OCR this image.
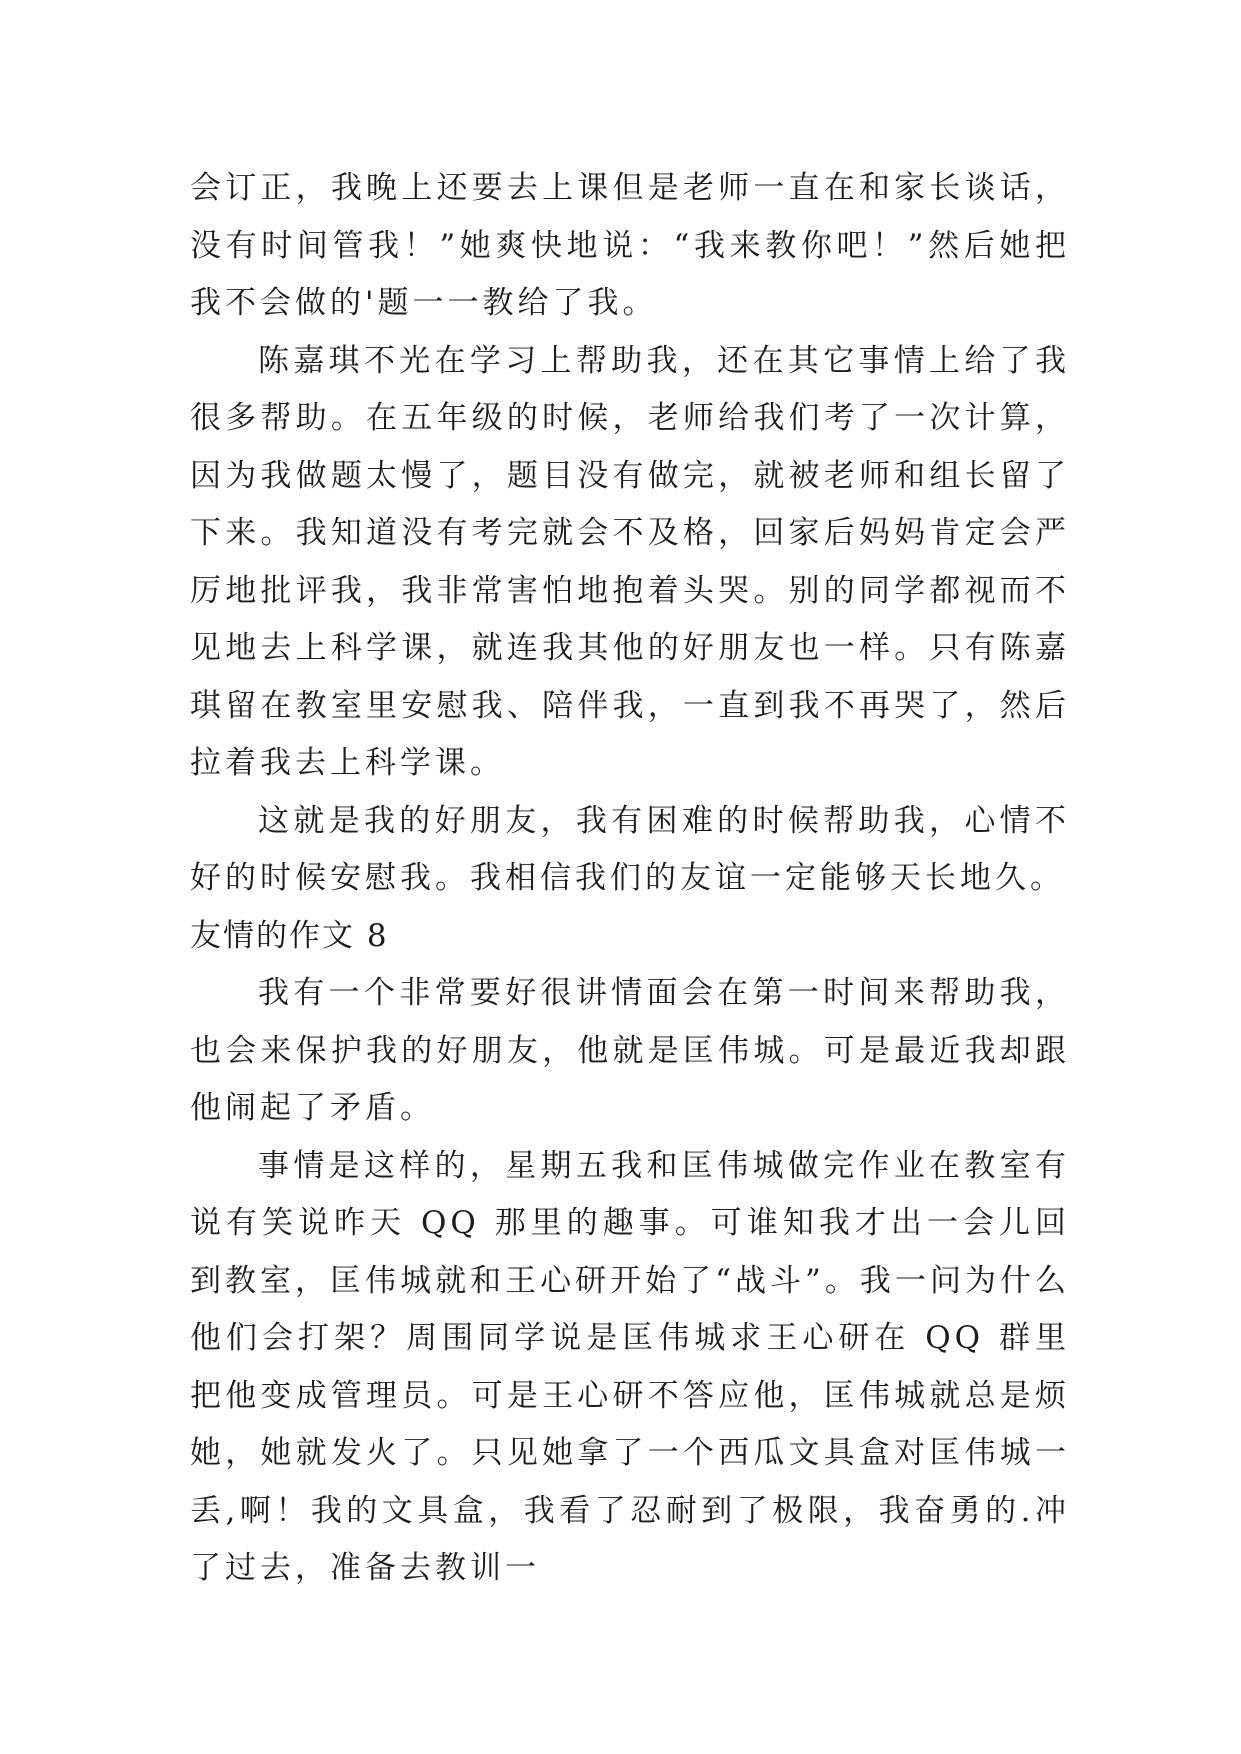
会订正，我晚上还要去上课但是老师一直在和家长谈话，没有时间管我！”她爽快地说：“我来教你吧！”然后她把我不会做的'题一一教给了我。

陈嘉琪不光在学习上帮助我，还在其它事情上给了我很多帮助。在五年级的时候，老师给我们考了一次计算，因为我做题太慢了，题目没有做完，就被老师和组长留了下来。我知道没有考完就会不及格，回家后妈妈肯定会严厉地批评我，我非常害怕地抱着头哭。别的同学都视而不见地去上科学课，就连我其他的好朋友也一样。只有陈嘉琪留在教室里安慰我、陪伴我，一直到我不再哭了，然后拉着我去上科学课。

这就是我的好朋友，我有困难的时候帮助我，心情不好的时候安慰我。我相信我们的友谊一定能够天长地久。

友情的作文 8

我有一个非常要好很讲情面会在第一时间来帮助我，也会来保护我的好朋友，他就是匡伟城。可是最近我却跟他闹起了矛盾。

事情是这样的，星期五我和匡伟城做完作业在教室有说有笑说昨天 QQ 那里的趣事。可谁知我才出一会儿回到教室，匡伟城就和王心研开始了“战斗”。我一问为什么他们会打架？周围同学说是匡伟城求王心研在 QQ 群里把他变成管理员。可是王心研不答应他，匡伟城就总是烦她，她就发火了。只见她拿了一个西瓜文具盒对匡伟城一丢,啊！我的文具盒，我看了忍耐到了极限，我奋勇的.冲了过去，准备去教训一
